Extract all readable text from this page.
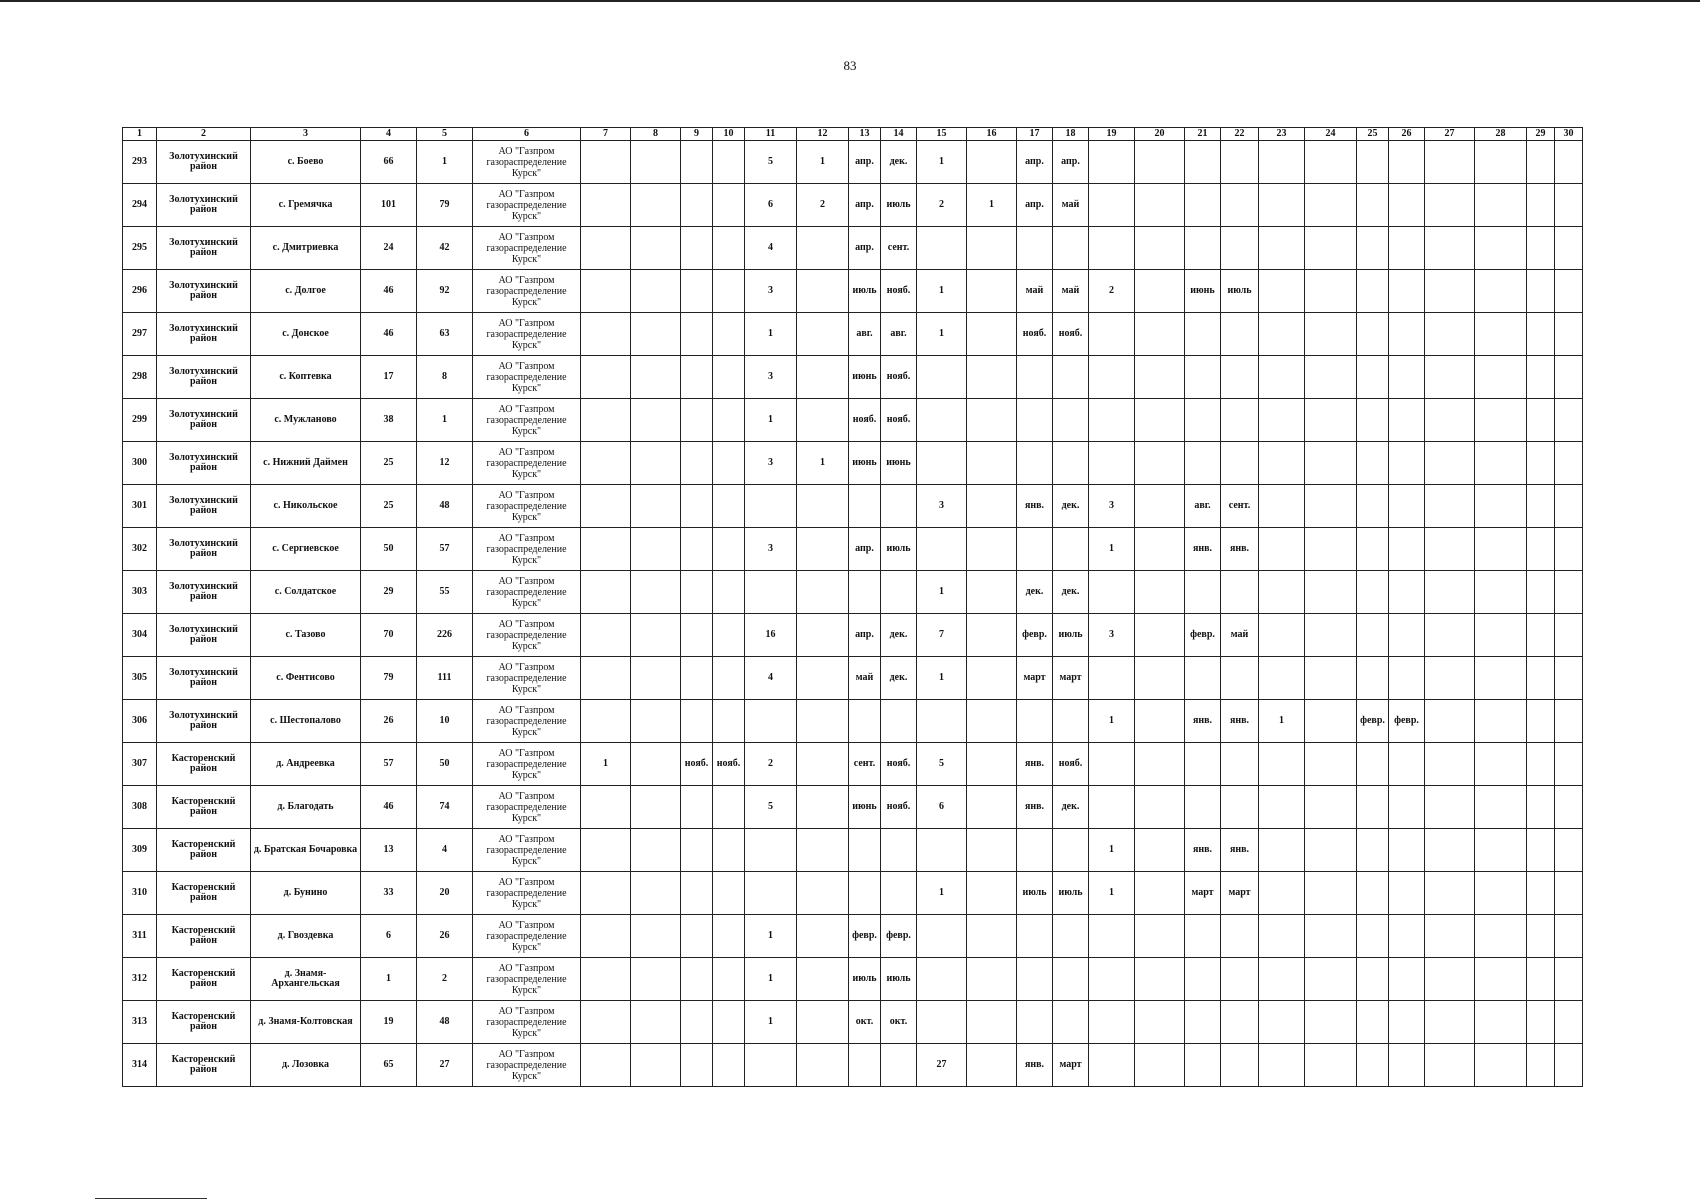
83
1	2	3	4	5	6	7	8	9	10	11	12	13	14	15	16	17	18	19	20	21	22	23	24	25	26	27	28	29	30
293	Золотухинский район	с. Боево	66	1	АО "Газпром газораспределение Курск"					5	1	апр.	дек.	1		апр.	апр.												
294	Золотухинский район	с. Гремячка	101	79	АО "Газпром газораспределение Курск"					6	2	апр.	июль	2	1	апр.	май												
295	Золотухинский район	с. Дмитриевка	24	42	АО "Газпром газораспределение Курск"					4		апр.	сент.																
296	Золотухинский район	с. Долгое	46	92	АО "Газпром газораспределение Курск"					3		июль	нояб.	1		май	май	2		июнь	июль								
297	Золотухинский район	с. Донское	46	63	АО "Газпром газораспределение Курск"					1		авг.	авг.	1		нояб.	нояб.												
298	Золотухинский район	с. Коптевка	17	8	АО "Газпром газораспределение Курск"					3		июнь	нояб.																
299	Золотухинский район	с. Мужланово	38	1	АО "Газпром газораспределение Курск"					1		нояб.	нояб.																
300	Золотухинский район	с. Нижний Даймен	25	12	АО "Газпром газораспределение Курск"					3	1	июнь	июнь																
301	Золотухинский район	с. Никольское	25	48	АО "Газпром газораспределение Курск"									3		янв.	дек.	3		авг.	сент.								
302	Золотухинский район	с. Сергиевское	50	57	АО "Газпром газораспределение Курск"					3		апр.	июль					1		янв.	янв.								
303	Золотухинский район	с. Солдатское	29	55	АО "Газпром газораспределение Курск"									1		дек.	дек.												
304	Золотухинский район	с. Тазово	70	226	АО "Газпром газораспределение Курск"					16		апр.	дек.	7		февр.	июль	3		февр.	май								
305	Золотухинский район	с. Фентисово	79	111	АО "Газпром газораспределение Курск"					4		май	дек.	1		март	март												
306	Золотухинский район	с. Шестопалово	26	10	АО "Газпром газораспределение Курск"													1		янв.	янв.	1		февр.	февр.				
307	Касторенский район	д. Андреевка	57	50	АО "Газпром газораспределение Курск"	1		нояб.	нояб.	2		сент.	нояб.	5		янв.	нояб.												
308	Касторенский район	д. Благодать	46	74	АО "Газпром газораспределение Курск"					5		июнь	нояб.	6		янв.	дек.												
309	Касторенский район	д. Братская Бочаровка	13	4	АО "Газпром газораспределение Курск"													1		янв.	янв.								
310	Касторенский район	д. Бунино	33	20	АО "Газпром газораспределение Курск"									1		июль	июль	1		март	март								
311	Касторенский район	д. Гвоздевка	6	26	АО "Газпром газораспределение Курск"					1		февр.	февр.																
312	Касторенский район	д. Знамя-Архангельская	1	2	АО "Газпром газораспределение Курск"					1		июль	июль																
313	Касторенский район	д. Знамя-Колтовская	19	48	АО "Газпром газораспределение Курск"					1		окт.	окт.																
314	Касторенский район	д. Лозовка	65	27	АО "Газпром газораспределение Курск"									27		янв.	март												
